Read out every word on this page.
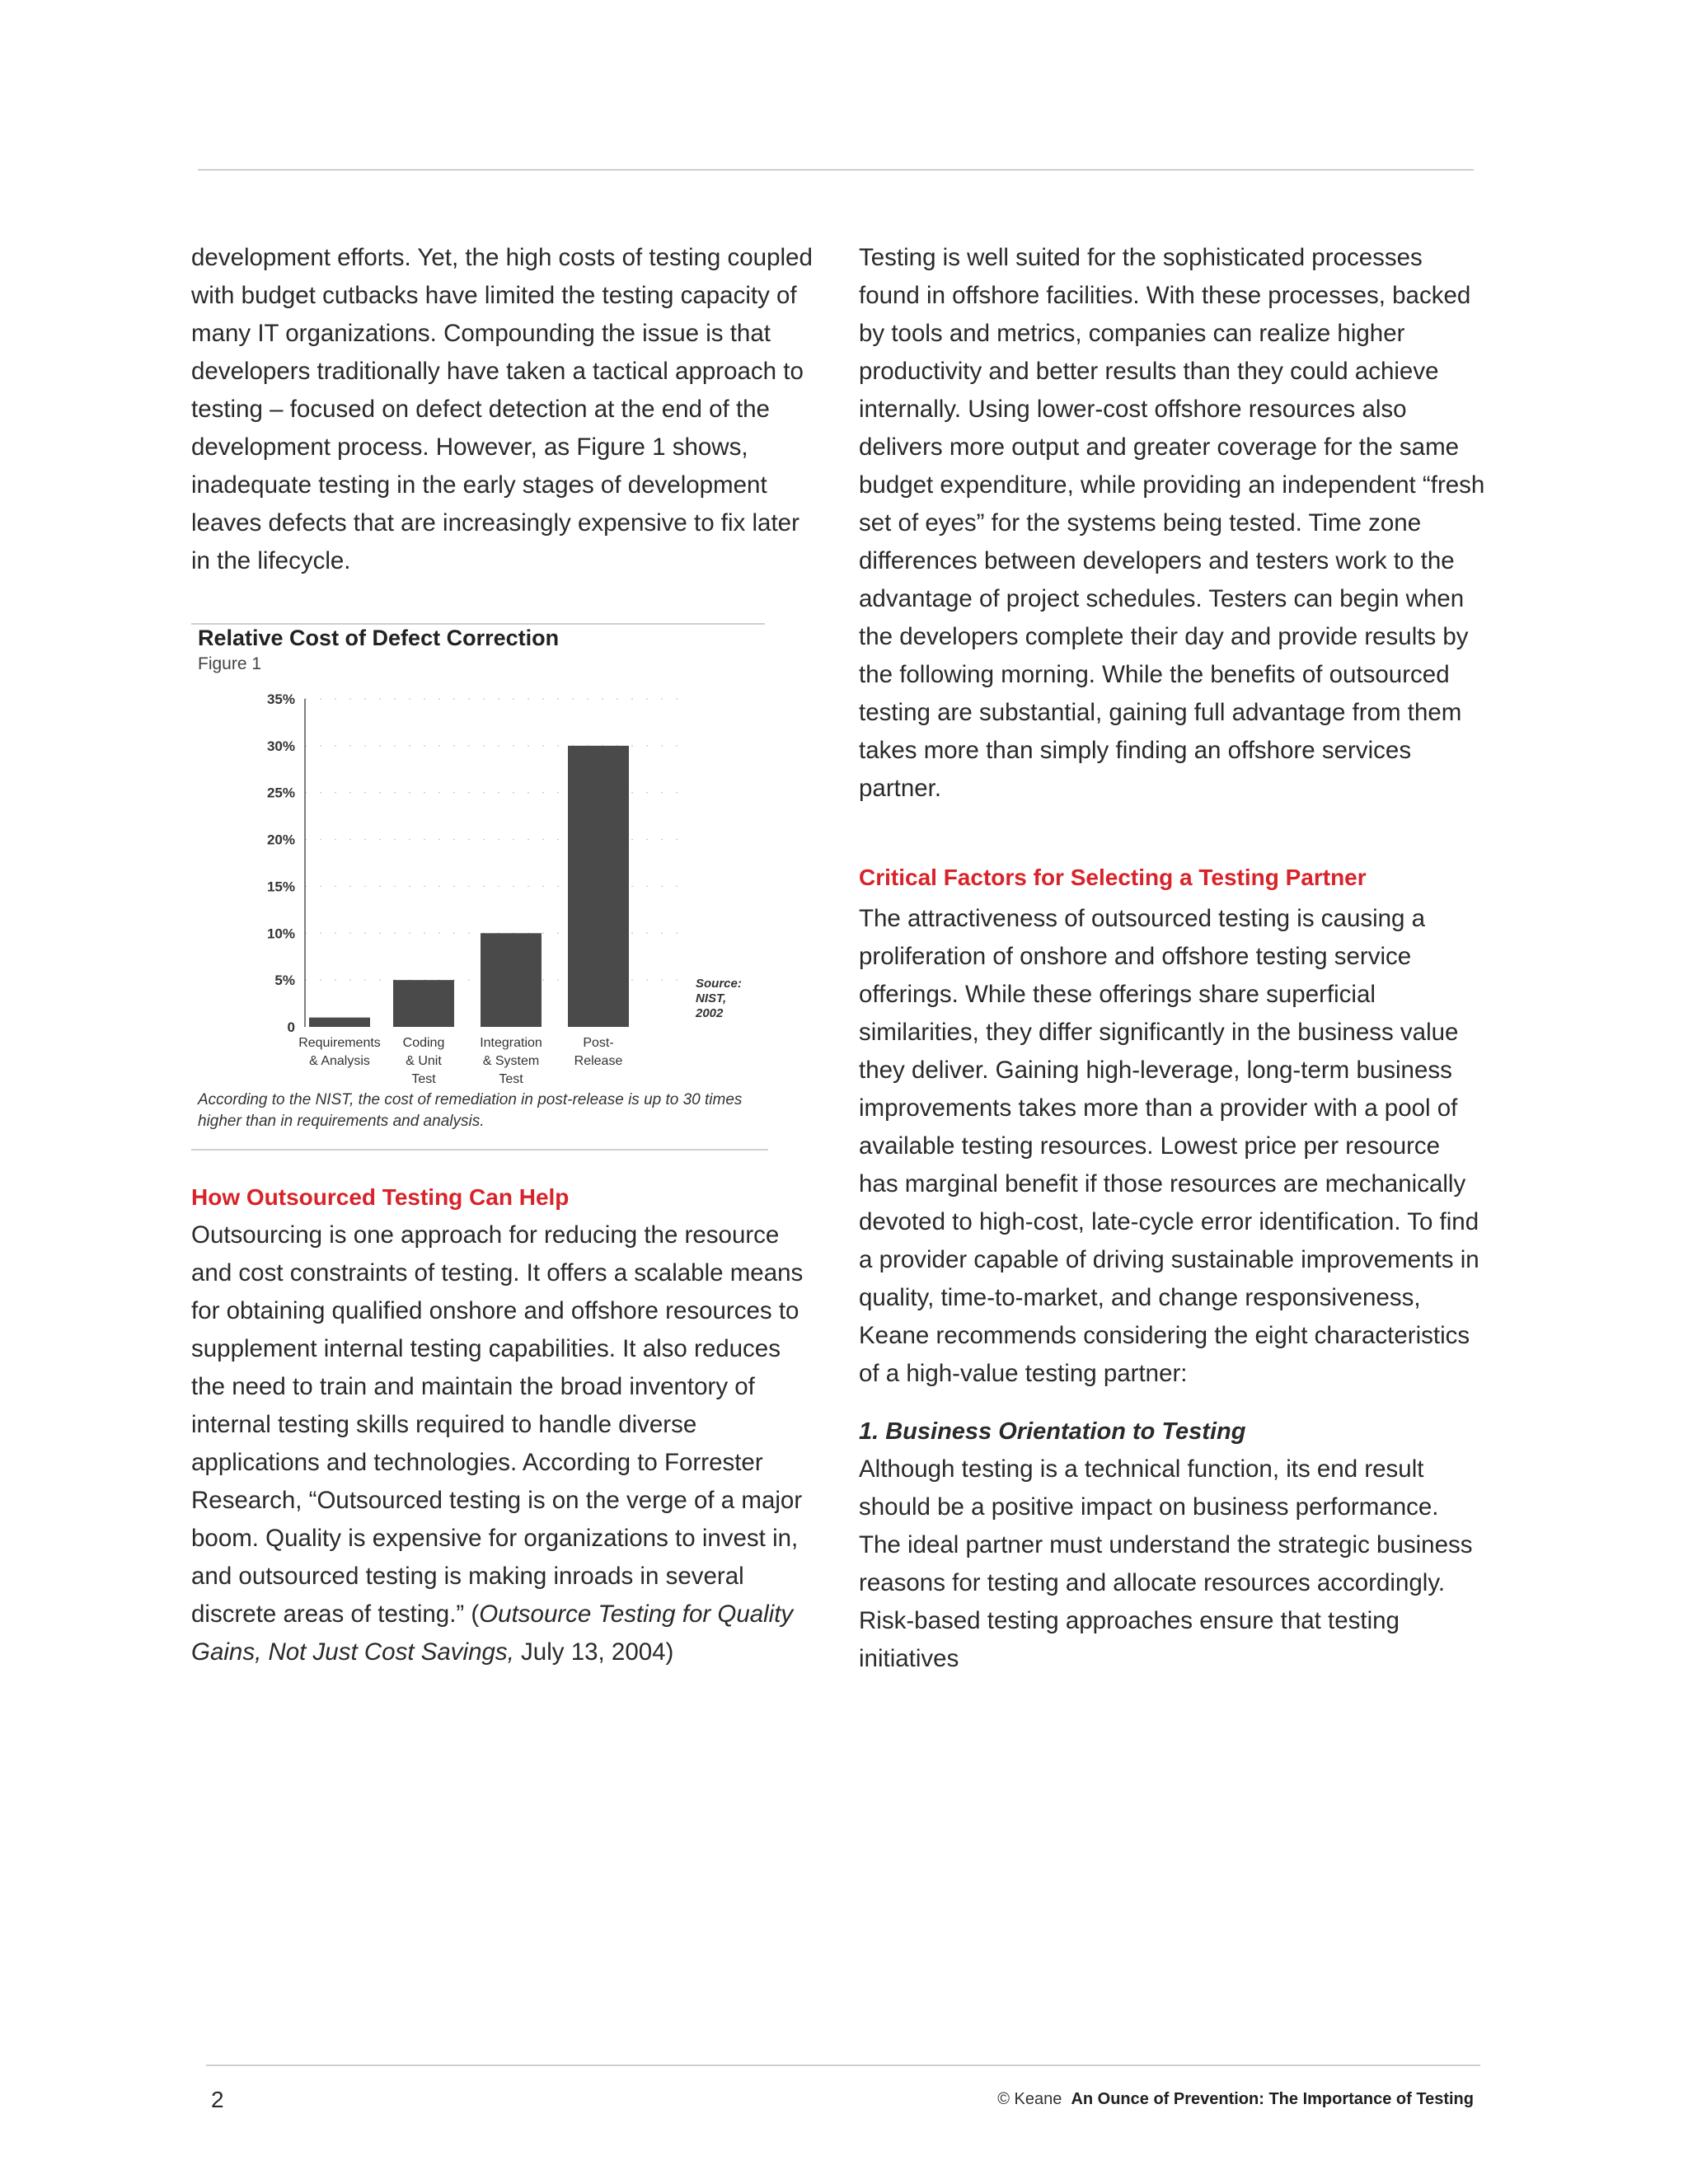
development efforts. Yet, the high costs of testing coupled with budget cutbacks have limited the testing capacity of many IT organizations. Compounding the issue is that developers traditionally have taken a tactical approach to testing – focused on defect detection at the end of the development process. However, as Figure 1 shows, inadequate testing in the early stages of development leaves defects that are increasingly expensive to fix later in the lifecycle.

Relative Cost of Defect Correction
Figure 1
0
5%
10%
15%
20%
25%
30%
35%
Requirements
& Analysis
Coding
& Unit
Test
Integration
& System
Test
Post-
Release
Source:
NIST,
2002
According to the NIST, the cost of remediation in post-release is up to 30 times higher than in requirements and analysis.
How Outsourced Testing Can Help

Outsourcing is one approach for reducing the resource and cost constraints of testing. It offers a scalable means for obtaining qualified onshore and offshore resources to supplement internal testing capabilities. It also reduces the need to train and maintain the broad inventory of internal testing skills required to handle diverse applications and technologies. According to Forrester Research, “Outsourced testing is on the verge of a major boom. Quality is expensive for organizations to invest in, and outsourced testing is making inroads in several discrete areas of testing.” (Outsource Testing for Quality Gains, Not Just Cost Savings, July 13, 2004)

Testing is well suited for the sophisticated processes found in offshore facilities. With these processes, backed by tools and metrics, companies can realize higher productivity and better results than they could achieve internally. Using lower-cost offshore resources also delivers more output and greater coverage for the same budget expenditure, while providing an independent “fresh set of eyes” for the systems being tested. Time zone differences between developers and testers work to the advantage of project schedules. Testers can begin when the developers complete their day and provide results by the following morning. While the benefits of outsourced testing are substantial, gaining full advantage from them takes more than simply finding an offshore services partner.

Critical Factors for Selecting a Testing Partner

The attractiveness of outsourced testing is causing a proliferation of onshore and offshore testing service offerings. While these offerings share superficial similarities, they differ significantly in the business value they deliver. Gaining high-leverage, long-term business improvements takes more than a provider with a pool of available testing resources. Lowest price per resource has marginal benefit if those resources are mechanically devoted to high-cost, late-cycle error identification. To find a provider capable of driving sustainable improvements in quality, time-to-market, and change responsiveness, Keane recommends considering the eight characteristics of a high-value testing partner:

1. Business Orientation to Testing

Although testing is a technical function, its end result should be a positive impact on business performance. The ideal partner must understand the strategic business reasons for testing and allocate resources accordingly. Risk-based testing approaches ensure that testing initiatives

2	© Keane An Ounce of Prevention: The Importance of Testing
